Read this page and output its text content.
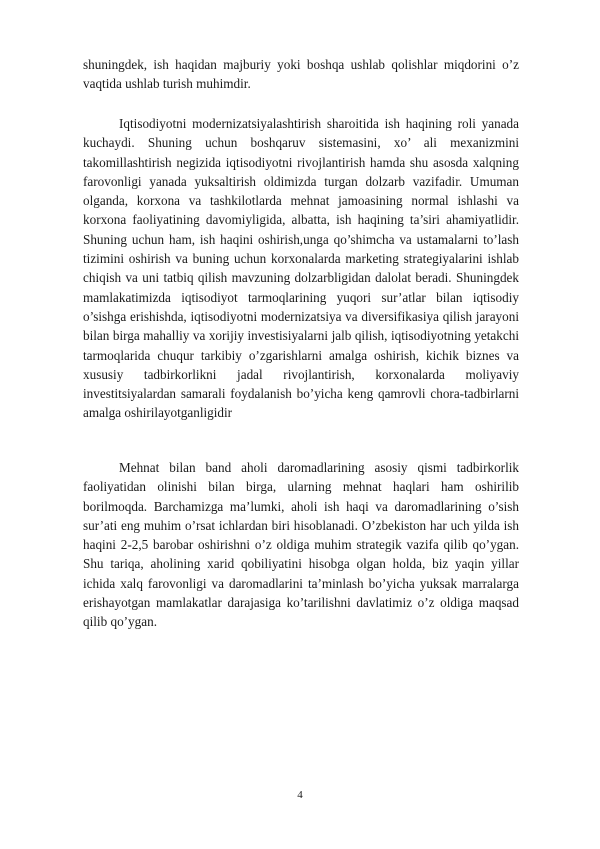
shuningdek, ish haqidan majburiy yoki boshqa ushlab qolishlar miqdorini o’z vaqtida ushlab turish muhimdir.

Iqtisodiyotni modernizatsiyalashtirish sharoitida ish haqining roli yanada kuchaydi. Shuning uchun boshqaruv sistemasini, xo’ ali mexanizmini takomillashtirish negizida iqtisodiyotni rivojlantirish hamda shu asosda xalqning farovonligi yanada yuksaltirish oldimizda turgan dolzarb vazifadir. Umuman olganda, korxona va tashkilotlarda mehnat jamoasining normal ishlashi va korxona faoliyatining davomiyligida, albatta, ish haqining ta’siri ahamiyatlidir. Shuning uchun ham, ish haqini oshirish,unga qo’shimcha va ustamalarni to’lash tizimini oshirish va buning uchun korxonalarda marketing strategiyalarini ishlab chiqish va uni tatbiq qilish mavzuning dolzarbligidan dalolat beradi. Shuningdek mamlakatimizda iqtisodiyot tarmoqlarining yuqori sur’atlar bilan iqtisodiy o’sishga erishishda, iqtisodiyotni modernizatsiya va diversifikasiya qilish jarayoni bilan birga mahalliy va xorijiy investisiyalarni jalb qilish, iqtisodiyotning yetakchi tarmoqlarida chuqur tarkibiy o’zgarishlarni amalga oshirish, kichik biznes va xususiy tadbirkorlikni jadal rivojlantirish, korxonalarda moliyaviy investitsiyalardan samarali foydalanish bo’yicha keng qamrovli chora-tadbirlarni amalga oshirilayotganligidir

Mehnat bilan band aholi daromadlarining asosiy qismi tadbirkorlik faoliyatidan olinishi bilan birga, ularning mehnat haqlari ham oshirilib borilmoqda. Barchamizga ma’lumki, aholi ish haqi va daromadlarining o’sish sur’ati eng muhim o’rsat ichlardan biri hisoblanadi. O’zbekiston har uch yilda ish haqini 2-2,5 barobar oshirishni o’z oldiga muhim strategik vazifa qilib qo’ygan. Shu tariqa, aholining xarid qobiliyatini hisobga olgan holda, biz yaqin yillar ichida xalq farovonligi va daromadlarini ta’minlash bo’yicha yuksak marralarga erishayotgan mamlakatlar darajasiga ko’tarilishni davlatimiz o’z oldiga maqsad qilib qo’ygan.

4
